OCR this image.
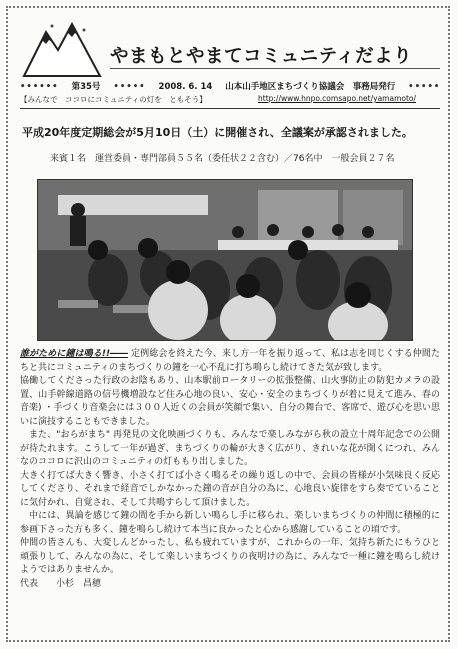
やまもとやまてコミュニティだより
•••••• 第35号 ••••• 2008. 6. 14 山本山手地区まちづくり協議会　事務局発行 •••••
【みんなで　ココロにコミュニティの灯を　ともそう】	http://www.hnpo.comsapo.net/yamamoto/
平成20年度定期総会が5月10日（土）に開催され、全議案が承認されました。
来賓１名　運営委員・専門部員５５名（委任状２２含む）／76名中　一般会員２７名

誰がために鐘は鳴る!!―― 定例総会を終えた今、来し方一年を振り返って、私は志を同じくする仲間たちと共にコミュニティのまちづくりの鐘を一心不乱に打ち鳴らし続けてきた気が致します。

協働してくださった行政のお陰もあり、山本駅前ロータリーの拡張整備、山火事防止の防犯カメラの設置、山手幹線道路の信号機増設など住み心地の良い、安心・安全のまちづくりが着に見えて進み、春の音楽) ・手づくり音楽会には３００人近くの会員が笑顔で集い、自分の舞台で、客席で、遊び心を思い思いに演技することもできました。

また、"おらがまち" 再発見の文化映画づくりも、みんなで楽しみながら秋の設立十周年記念での公開が待たれます。こうして一年が過ぎ、まちづくりの輪が大きく広がり、きれいな花が開くにつれ、みんなのココロに沢山のコミュニティの灯ももり出しました。

大きく打てば大きく響き、小さく打てば小さく鳴るその繰り返しの中で、会員の皆様が小気味良く反応してくださり、それまで経音でしかなかった鐘の音が自分の為に、心地良い旋律をすら奏でていることに気付かれ、自覚され、そして共鳴すらして頂けました。

中には、異論を感じて鐘の間を手から新しい鳴らし手に移られ、楽しいまちづくりの仲間に積極的に参画下さった方も多く、鐘を鳴らし続けて本当に良かったと心から感謝していることの頃です。

仲間の皆さんも、大変しんどかったし、私も疲れていますが、これからの一年、気持ち新たにもうひと頑張りして、みんなの為に、そして楽しいまちづくりの夜明けの為に、みんなで一種に鐘を鳴らし続けようではありませんか。

代表　　小杉　昌穂
